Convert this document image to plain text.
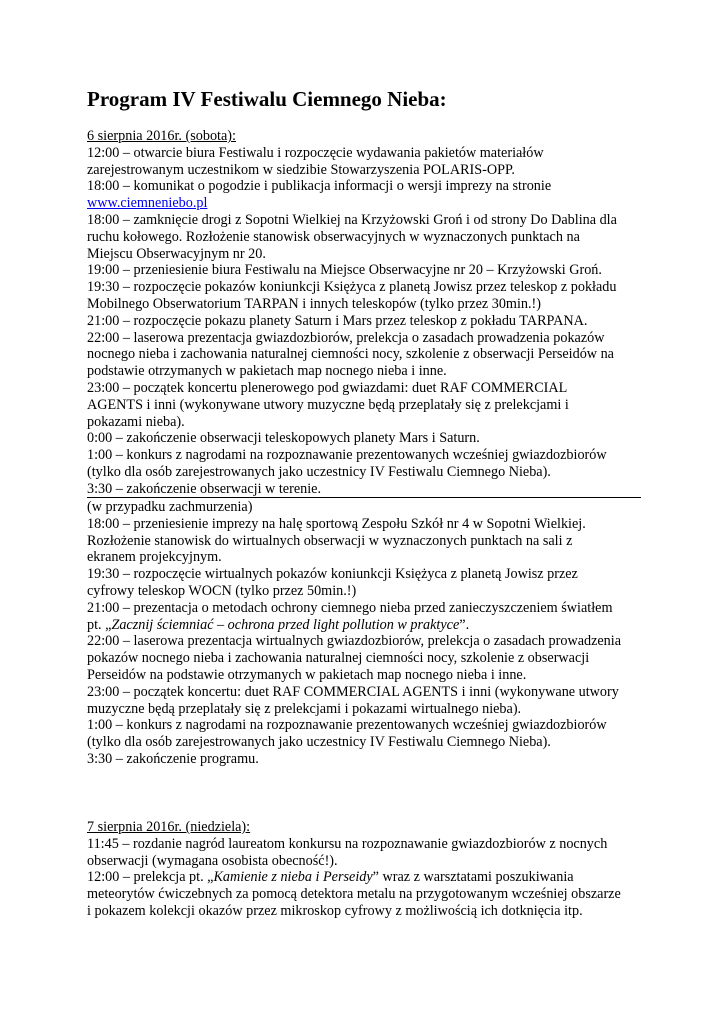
Program IV Festiwalu Ciemnego Nieba:
6 sierpnia 2016r. (sobota):
12:00 – otwarcie biura Festiwalu i rozpoczęcie wydawania pakietów materiałów
zarejestrowanym uczestnikom w siedzibie Stowarzyszenia POLARIS-OPP.
18:00 – komunikat o pogodzie i publikacja informacji o wersji imprezy na stronie
www.ciemneniebo.pl
18:00 – zamknięcie drogi z Sopotni Wielkiej na Krzyżowski Groń i od strony Do Dablina dla
ruchu kołowego. Rozłożenie stanowisk obserwacyjnych w wyznaczonych punktach na
Miejscu Obserwacyjnym nr 20.
19:00 – przeniesienie biura Festiwalu na Miejsce Obserwacyjne nr 20 – Krzyżowski Groń.
19:30 – rozpoczęcie pokazów koniunkcji Księżyca z planetą Jowisz przez teleskop z pokładu
Mobilnego Obserwatorium TARPAN i innych teleskopów (tylko przez 30min.!)
21:00 – rozpoczęcie pokazu planety Saturn i Mars przez teleskop z pokładu TARPANA.
22:00 – laserowa prezentacja gwiazdozbiorów, prelekcja o zasadach prowadzenia pokazów
nocnego nieba i zachowania naturalnej ciemności nocy, szkolenie z obserwacji Perseidów na
podstawie otrzymanych w pakietach map nocnego nieba i inne.
23:00 – początek koncertu plenerowego pod gwiazdami: duet RAF COMMERCIAL
AGENTS i inni (wykonywane utwory muzyczne będą przeplatały się z prelekcjami i
pokazami nieba).
0:00 – zakończenie obserwacji teleskopowych planety Mars i Saturn.
1:00 – konkurs z nagrodami na rozpoznawanie prezentowanych wcześniej gwiazdozbiorów
(tylko dla osób zarejestrowanych jako uczestnicy IV Festiwalu Ciemnego Nieba).
3:30 – zakończenie obserwacji w terenie.
(w przypadku zachmurzenia)
18:00 – przeniesienie imprezy na halę sportową Zespołu Szkół nr 4 w Sopotni Wielkiej.
Rozłożenie stanowisk do wirtualnych obserwacji w wyznaczonych punktach na sali z
ekranem projekcyjnym.
19:30 – rozpoczęcie wirtualnych pokazów koniunkcji Księżyca z planetą Jowisz przez
cyfrowy teleskop WOCN (tylko przez 50min.!)
21:00 – prezentacja o metodach ochrony ciemnego nieba przed zanieczyszczeniem światłem
pt. „Zacznij ściemniać – ochrona przed light pollution w praktyce”.
22:00 – laserowa prezentacja wirtualnych gwiazdozbiorów, prelekcja o zasadach prowadzenia
pokazów nocnego nieba i zachowania naturalnej ciemności nocy, szkolenie z obserwacji
Perseidów na podstawie otrzymanych w pakietach map nocnego nieba i inne.
23:00 – początek koncertu: duet RAF COMMERCIAL AGENTS i inni (wykonywane utwory
muzyczne będą przeplatały się z prelekcjami i pokazami wirtualnego nieba).
1:00 – konkurs z nagrodami na rozpoznawanie prezentowanych wcześniej gwiazdozbiorów
(tylko dla osób zarejestrowanych jako uczestnicy IV Festiwalu Ciemnego Nieba).
3:30 – zakończenie programu.
7 sierpnia 2016r. (niedziela):
11:45 – rozdanie nagród laureatom konkursu na rozpoznawanie gwiazdozbiorów z nocnych
obserwacji (wymagana osobista obecność!).
12:00 – prelekcja pt. „Kamienie z nieba i Perseidy” wraz z warsztatami poszukiwania
meteorytów ćwiczebnych za pomocą detektora metalu na przygotowanym wcześniej obszarze
i pokazem kolekcji okazów przez mikroskop cyfrowy z możliwością ich dotknięcia itp.
